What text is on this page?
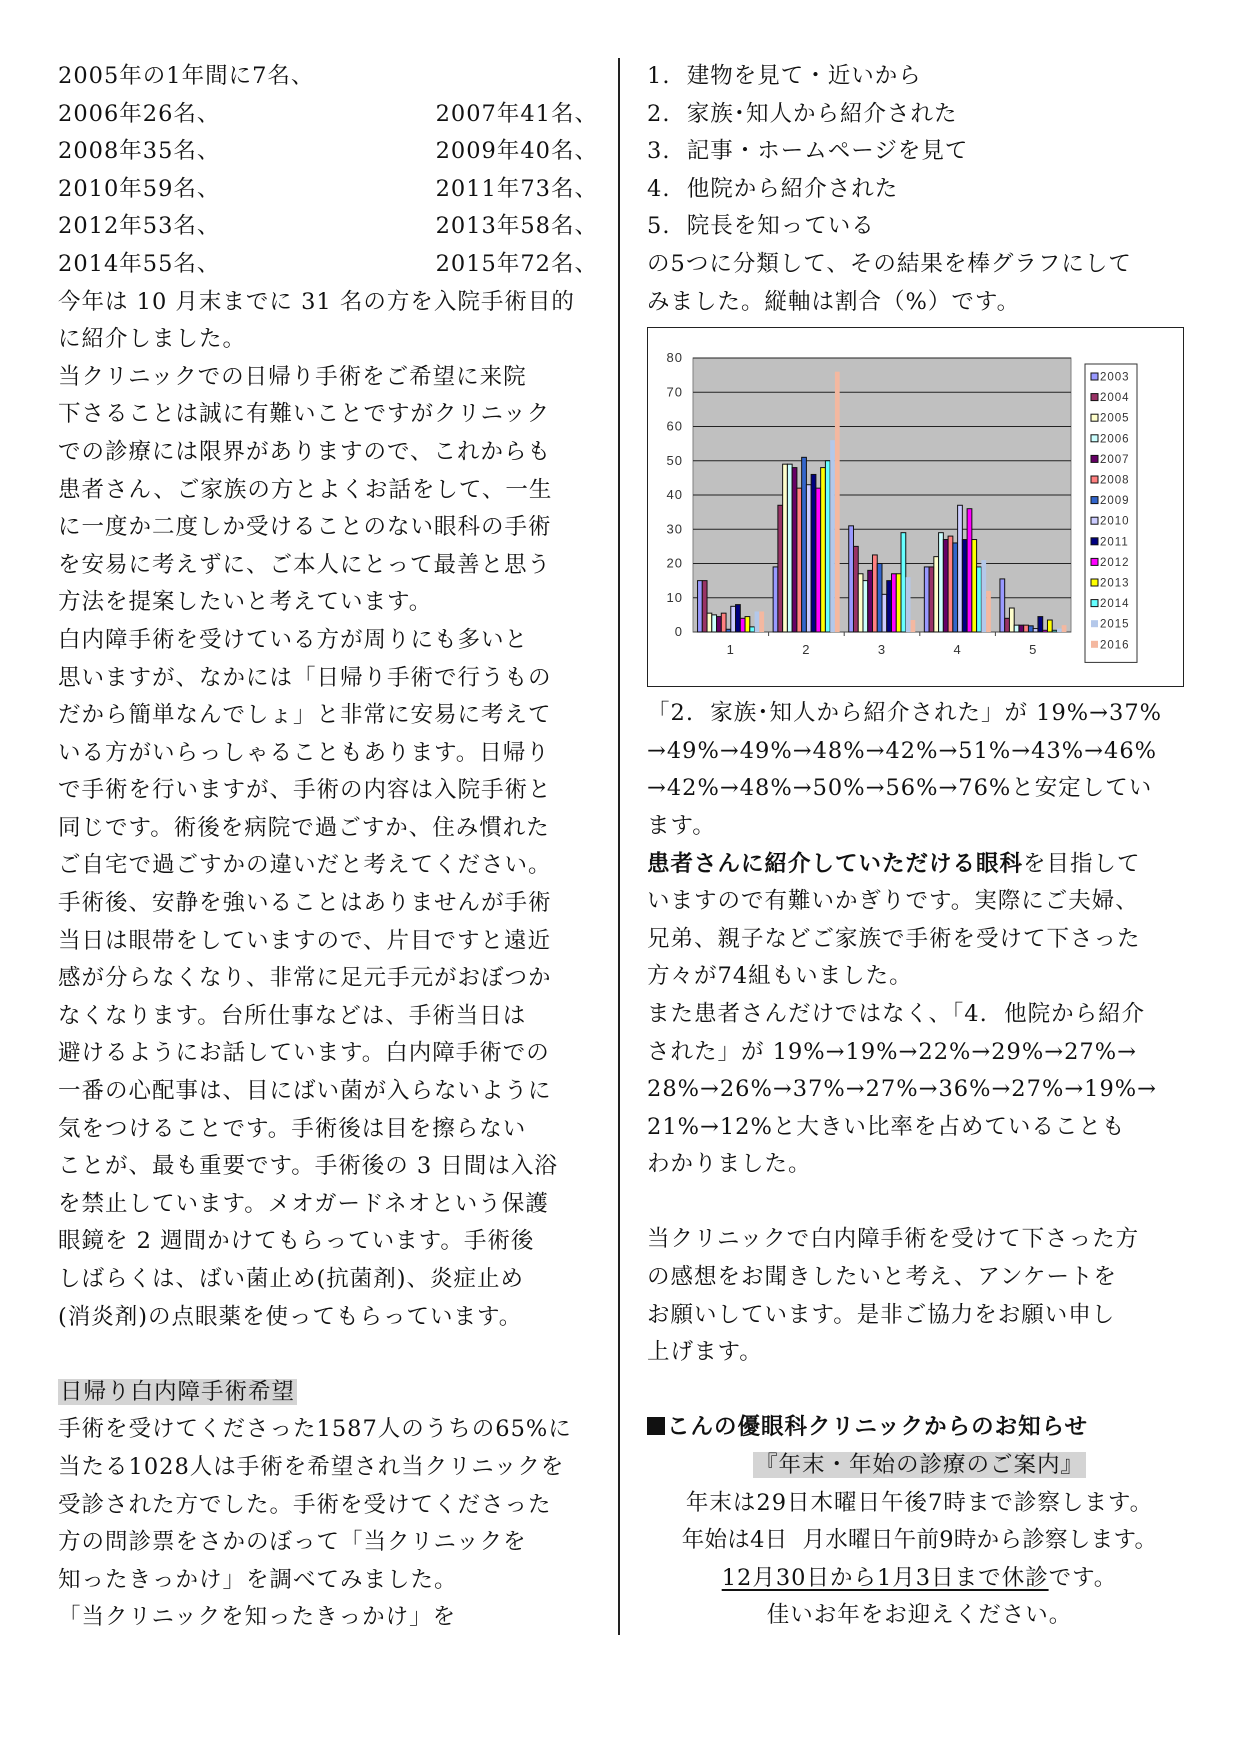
2005年の1年間に7名、

2006年26名、	2007年41名、
2008年35名、	2009年40名、
2010年59名、	2011年73名、
2012年53名、	2013年58名、
2014年55名、	2015年72名、

今年は 10 月末までに 31 名の方を入院手術目的

に紹介しました。

当クリニックでの日帰り手術をご希望に来院

下さることは誠に有難いことですがクリニック

での診療には限界がありますので、これからも

患者さん、ご家族の方とよくお話をして、一生

に一度か二度しか受けることのない眼科の手術

を安易に考えずに、ご本人にとって最善と思う

方法を提案したいと考えています。

白内障手術を受けている方が周りにも多いと

思いますが、なかには「日帰り手術で行うもの

だから簡単なんでしょ」と非常に安易に考えて

いる方がいらっしゃることもあります。日帰り

で手術を行いますが、手術の内容は入院手術と

同じです。術後を病院で過ごすか、住み慣れた

ご自宅で過ごすかの違いだと考えてください。

手術後、安静を強いることはありませんが手術

当日は眼帯をしていますので、片目ですと遠近

感が分らなくなり、非常に足元手元がおぼつか

なくなります。台所仕事などは、手術当日は

避けるようにお話しています。白内障手術での

一番の心配事は、目にばい菌が入らないように

気をつけることです。手術後は目を擦らない

ことが、最も重要です。手術後の 3 日間は入浴

を禁止しています。メオガードネオという保護

眼鏡を 2 週間かけてもらっています。手術後

しばらくは、ばい菌止め(抗菌剤)、炎症止め

(消炎剤)の点眼薬を使ってもらっています。

日帰り白内障手術希望

手術を受けてくださった1587人のうちの65%に

当たる1028人は手術を希望され当クリニックを

受診された方でした。手術を受けてくださった

方の問診票をさかのぼって「当クリニックを

知ったきっかけ」を調べてみました。

「当クリニックを知ったきっかけ」を

1.  建物を見て・近いから

2.  家族･知人から紹介された

3.  記事・ホームページを見て

4.  他院から紹介された

5.  院長を知っている

の5つに分類して、その結果を棒グラフにして

みました。縦軸は割合（%）です。

0
10
20
30
40
50
60
70
80
1	2	3	4	5
2003
2004
2005
2006
2007
2008
2009
2010
2011
2012
2013
2014
2015
2016

「2.  家族･知人から紹介された」が 19%→37%

→49%→49%→48%→42%→51%→43%→46%

→42%→48%→50%→56%→76%と安定してい

ます。

患者さんに紹介していただける眼科を目指して

いますので有難いかぎりです。実際にご夫婦、

兄弟、親子などご家族で手術を受けて下さった

方々が74組もいました。

また患者さんだけではなく、「4.  他院から紹介

された」が 19%→19%→22%→29%→27%→

28%→26%→37%→27%→36%→27%→19%→

21%→12%と大きい比率を占めていることも

わかりました。

当クリニックで白内障手術を受けて下さった方

の感想をお聞きしたいと考え、アンケートを

お願いしています。是非ご協力をお願い申し

上げます。

こんの優眼科クリニックからのお知らせ

『年末・年始の診療のご案内』

年末は29日木曜日午後7時まで診察します。

年始は4日  月水曜日午前9時から診察します。

12月30日から1月3日まで休診です。

佳いお年をお迎えください。
